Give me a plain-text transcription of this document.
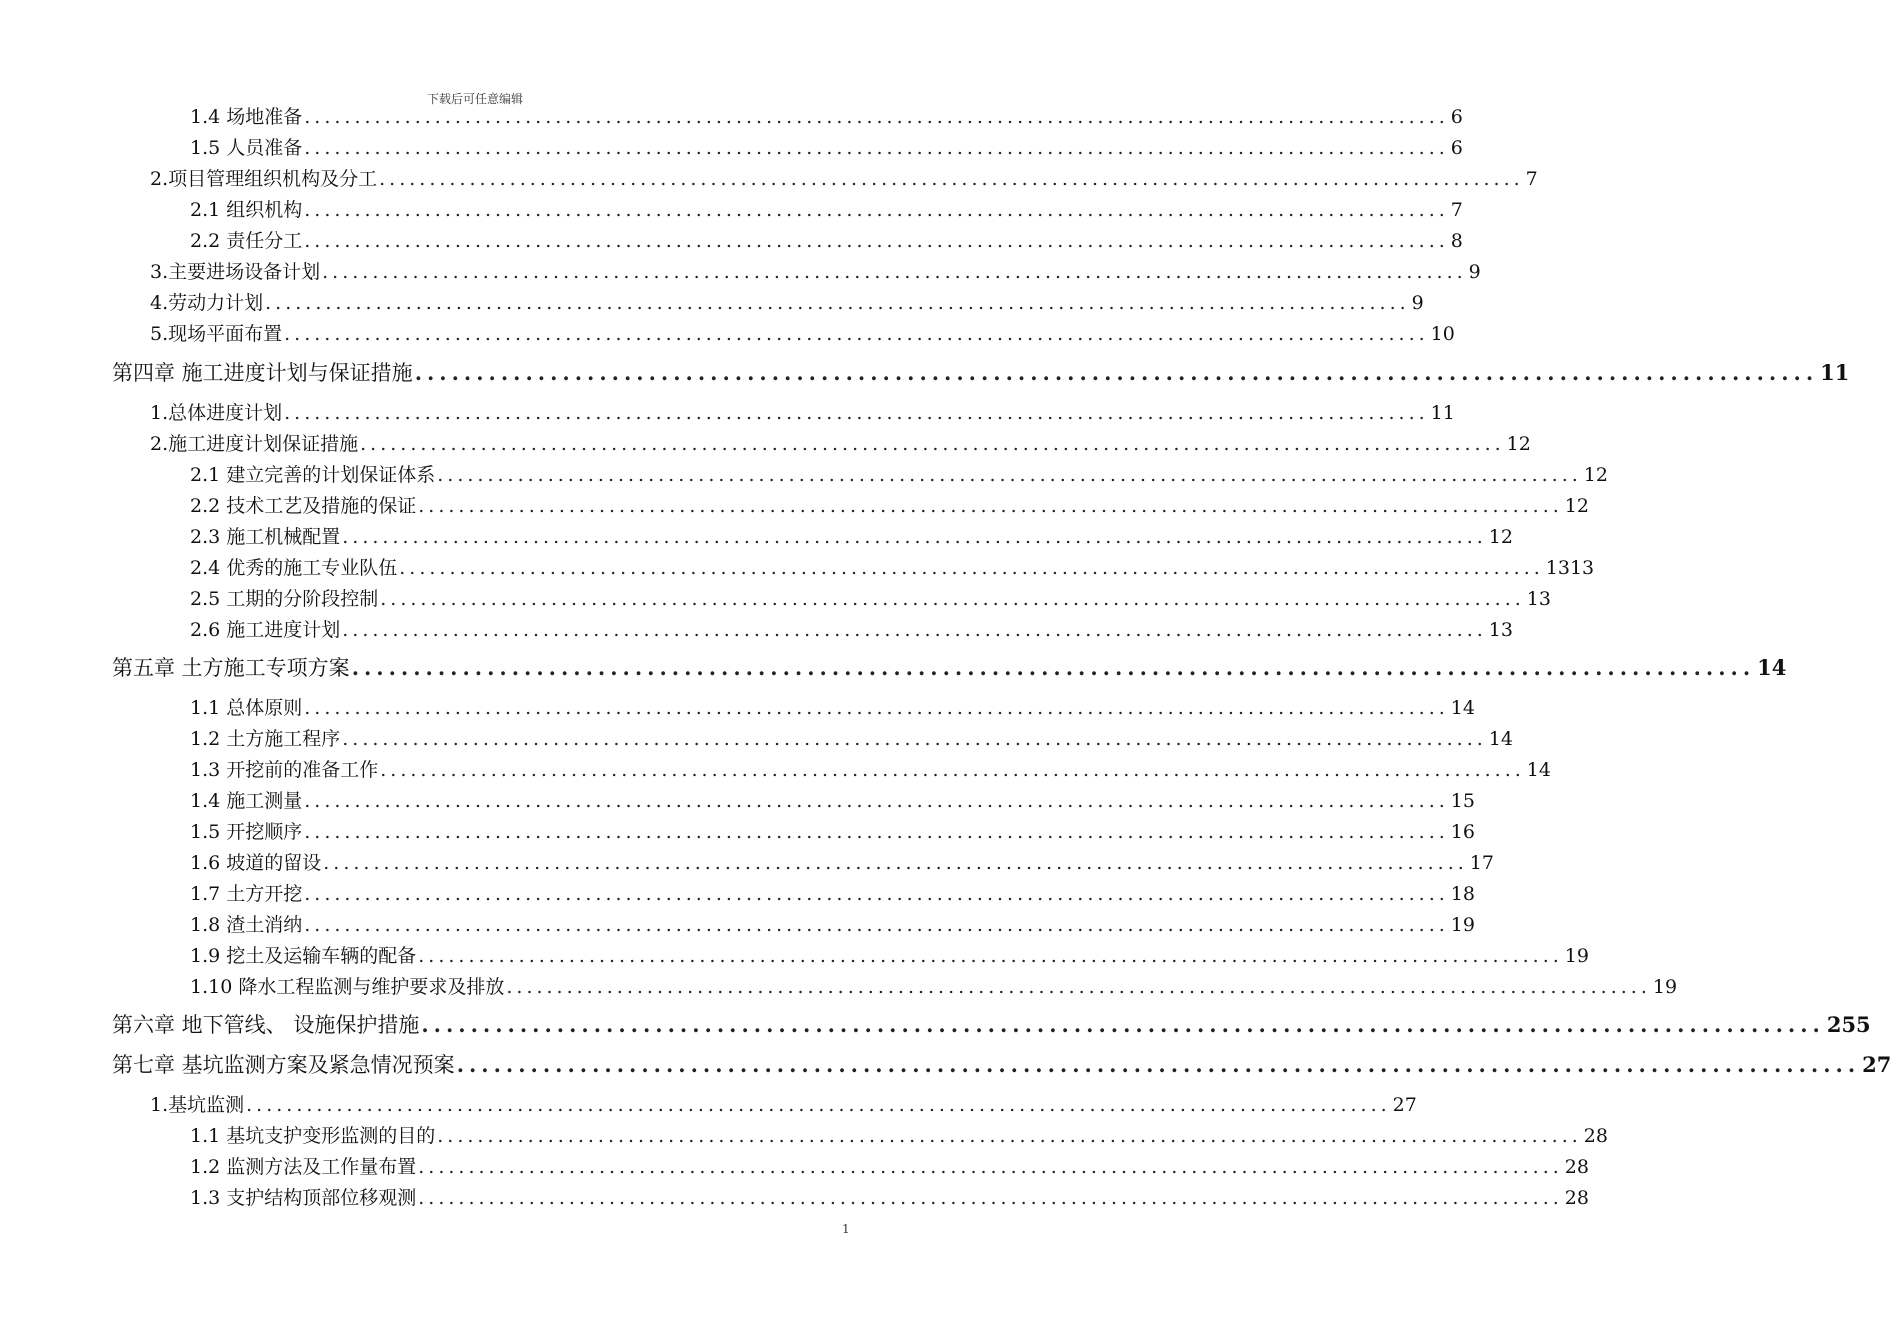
下载后可任意编辑
1.4 场地准备 .................................................................................................................. 6
1.5 人员准备 .................................................................................................................. 6
2.项目管理组织机构及分工 .................................................................................................................. 7
2.1 组织机构 .................................................................................................................. 7
2.2 责任分工 .................................................................................................................. 8
3.主要进场设备计划 .................................................................................................................. 9
4.劳动力计划 .................................................................................................................. 9
5.现场平面布置 .................................................................................................................. 10
第四章 施工进度计划与保证措施 .................................................................................................................. 11
1.总体进度计划 .................................................................................................................. 11
2.施工进度计划保证措施 .................................................................................................................. 12
2.1 建立完善的计划保证体系 .................................................................................................................. 12
2.2 技术工艺及措施的保证 .................................................................................................................. 12
2.3 施工机械配置 .................................................................................................................. 12
2.4 优秀的施工专业队伍 .................................................................................................................. 1313
2.5 工期的分阶段控制 .................................................................................................................. 13
2.6 施工进度计划 .................................................................................................................. 13
第五章 土方施工专项方案 .................................................................................................................. 14
1.1 总体原则 .................................................................................................................. 14
1.2 土方施工程序 .................................................................................................................. 14
1.3 开挖前的准备工作 .................................................................................................................. 14
1.4 施工测量 .................................................................................................................. 15
1.5 开挖顺序 .................................................................................................................. 16
1.6 坡道的留设 .................................................................................................................. 17
1.7 土方开挖 .................................................................................................................. 18
1.8 渣土消纳 .................................................................................................................. 19
1.9 挖土及运输车辆的配备 .................................................................................................................. 19
1.10 降水工程监测与维护要求及排放 .................................................................................................................. 19
第六章 地下管线、 设施保护措施 .................................................................................................................. 255
第七章 基坑监测方案及紧急情况预案 .................................................................................................................. 27
1.基坑监测 .................................................................................................................. 27
1.1 基坑支护变形监测的目的 .................................................................................................................. 28
1.2 监测方法及工作量布置 .................................................................................................................. 28
1.3 支护结构顶部位移观测 .................................................................................................................. 28
1
